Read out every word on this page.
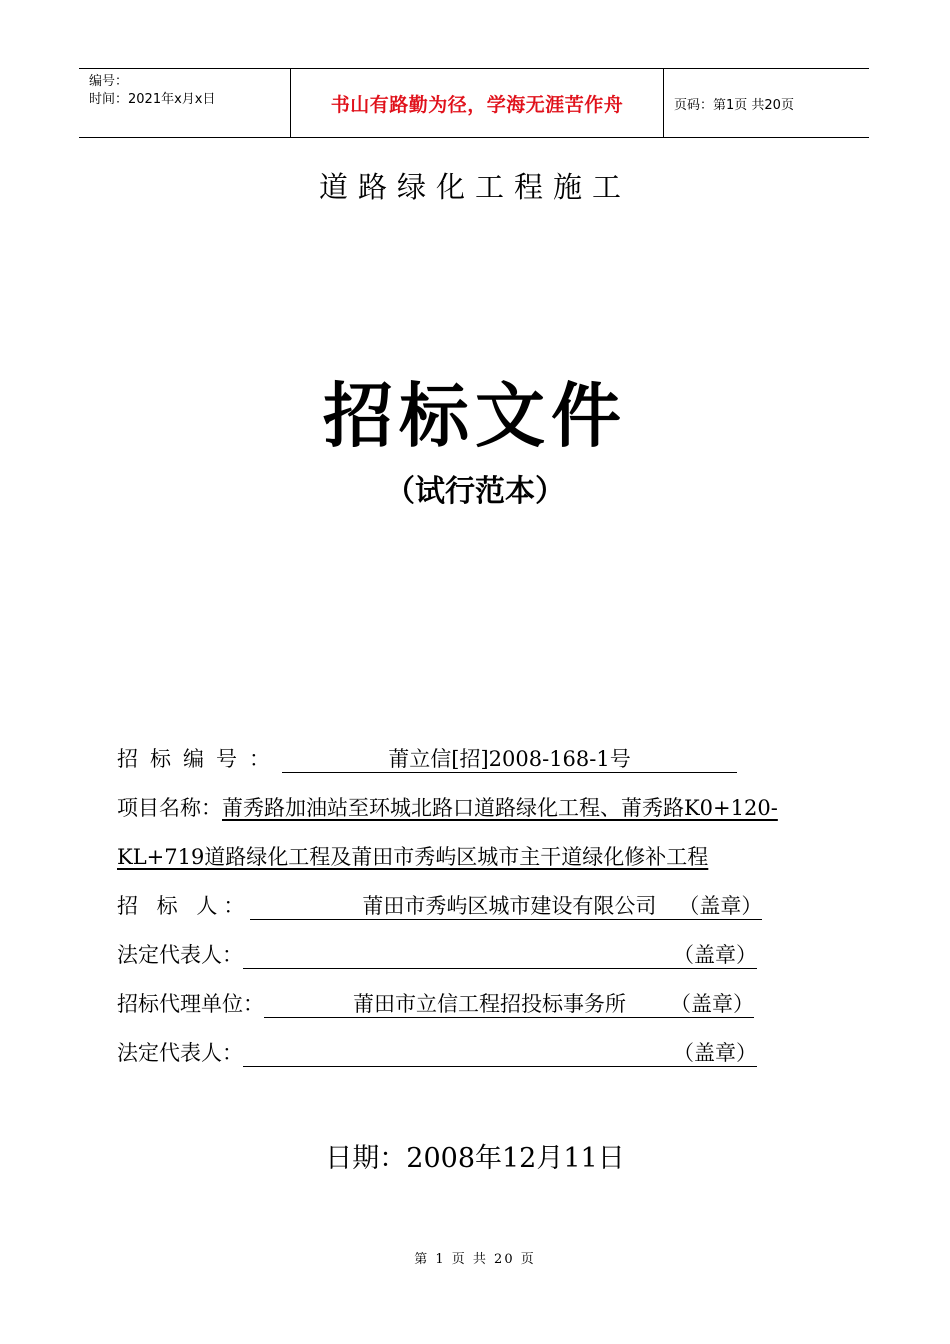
编号：
时间：2021年x月x日	书山有路勤为径，学海无涯苦作舟	页码：第1页 共20页
道路绿化工程施工
招标文件
（试行范本）
招标编号：	莆立信[招]2008-168-1号
项目名称：莆秀路加油站至环城北路口道路绿化工程、莆秀路K0+120-
KL+719道路绿化工程及莆田市秀屿区城市主干道绿化修补工程
招 标 人：	莆田市秀屿区城市建设有限公司 （盖章）
法定代表人：	（盖章）
招标代理单位：	莆田市立信工程招投标事务所 （盖章）
法定代表人：	（盖章）
日期：2008年12月11日
第 1 页 共 20 页
